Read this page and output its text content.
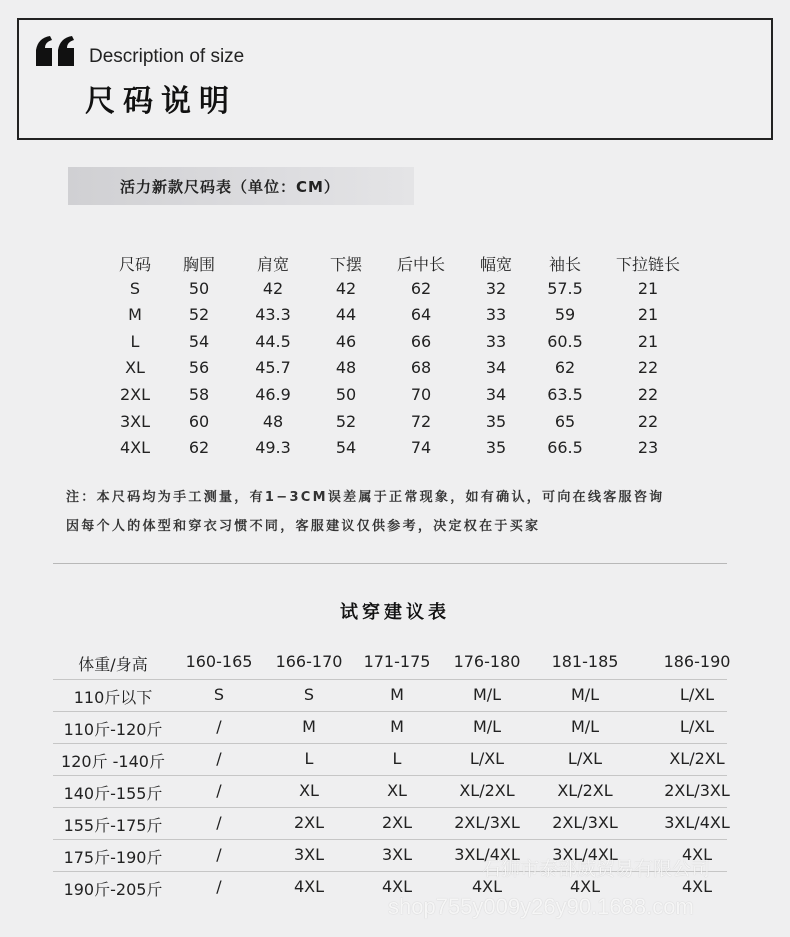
Description of size
尺码说明
活力新款尺码表（单位：CM）
尺码 胸围	肩宽	下摆 后中长 幅宽 袖长 下拉链长
S	50	42	42	62	32	57.5	21
M	52	43.3	44	64	33	59	21
L	54	44.5	46	66	33	60.5	21
XL	56	45.7	48	68	34	62	22
2XL 58	46.9	50	70	34	63.5	22
3XL 60	48	52	72	35	65	22
4XL 62	49.3	54	74	35	66.5	23
注：本尺码均为手工测量，有1−3CM误差属于正常现象，如有确认，可向在线客服咨询
因每个人的体型和穿衣习惯不同，客服建议仅供参考，决定权在于买家
试穿建议表
体重/身高 160-165 166-170 171-175 176-180 181-185	186-190
110斤以下	S	S	M	M/L	M/L	L/XL
110斤-120斤	/	M	M	M/L	M/L	L/XL
120斤 -140斤	/	L	L	L/XL	L/XL	XL/2XL
140斤-155斤	/	XL	XL	XL/2XL	XL/2XL	2XL/3XL
155斤-175斤	/	2XL	2XL	2XL/3XL 2XL/3XL	3XL/4XL
175斤-190斤	/	3XL	3XL	3XL/4XL 3XL/4XL	4XL
190斤-205斤	/	4XL	4XL	4XL	4XL	4XL
石狮市泰部威贸易有限公司
shop755y009y26y90.1688.com
